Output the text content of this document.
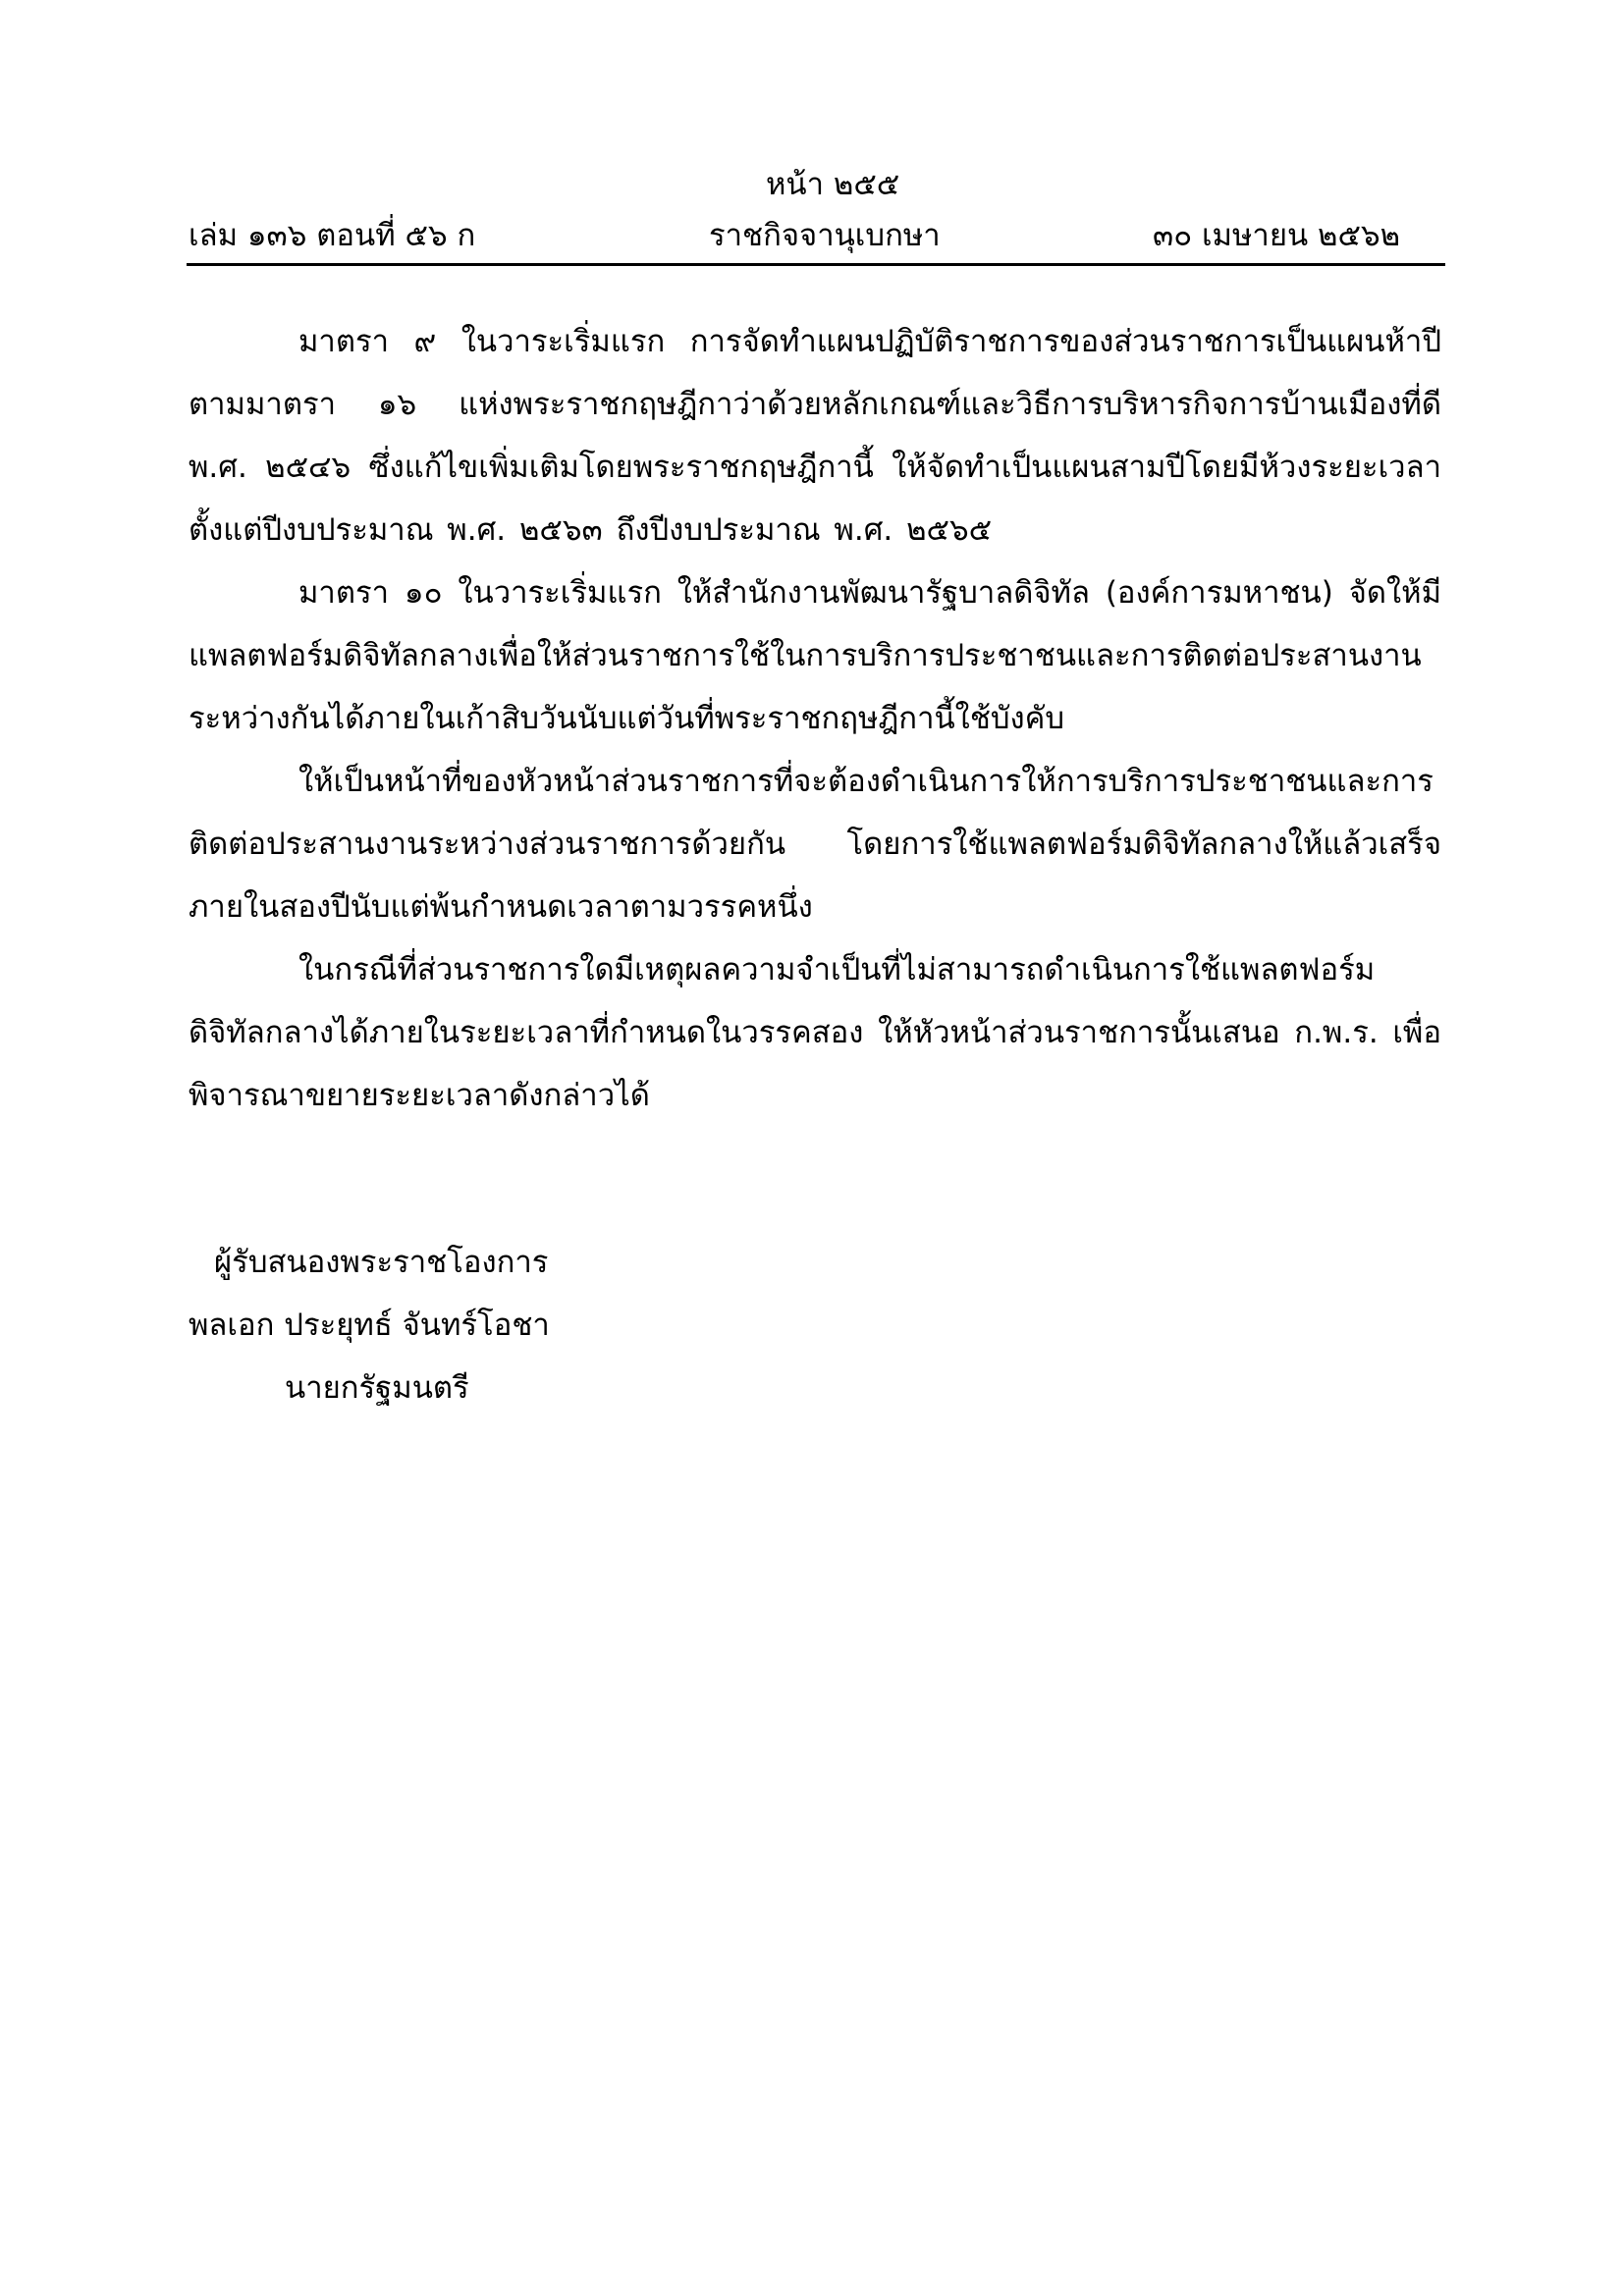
หน้า ๒๕๕
เล่ม ๑๓๖ ตอนที่ ๕๖ ก	ราชกิจจานุเบกษา	๓๐ เมษายน ๒๕๖๒

มาตรา ๙ ในวาระเริ่มแรก การจัดทำแผนปฏิบัติราชการของส่วนราชการเป็นแผนห้าปี ตามมาตรา ๑๖ แห่งพระราชกฤษฎีกาว่าด้วยหลักเกณฑ์และวิธีการบริหารกิจการบ้านเมืองที่ดี พ.ศ. ๒๕๔๖ ซึ่งแก้ไขเพิ่มเติมโดยพระราชกฤษฎีกานี้ ให้จัดทำเป็นแผนสามปีโดยมีห้วงระยะเวลาตั้งแต่ปีงบประมาณ พ.ศ. ๒๕๖๓ ถึงปีงบประมาณ พ.ศ. ๒๕๖๕

มาตรา ๑๐ ในวาระเริ่มแรก ให้สำนักงานพัฒนารัฐบาลดิจิทัล (องค์การมหาชน) จัดให้มีแพลตฟอร์มดิจิทัลกลางเพื่อให้ส่วนราชการใช้ในการบริการประชาชนและการติดต่อประสานงานระหว่างกันได้ภายในเก้าสิบวันนับแต่วันที่พระราชกฤษฎีกานี้ใช้บังคับ

ให้เป็นหน้าที่ของหัวหน้าส่วนราชการที่จะต้องดำเนินการให้การบริการประชาชนและการติดต่อประสานงานระหว่างส่วนราชการด้วยกัน โดยการใช้แพลตฟอร์มดิจิทัลกลางให้แล้วเสร็จภายในสองปีนับแต่พ้นกำหนดเวลาตามวรรคหนึ่ง

ในกรณีที่ส่วนราชการใดมีเหตุผลความจำเป็นที่ไม่สามารถดำเนินการใช้แพลตฟอร์มดิจิทัลกลางได้ภายในระยะเวลาที่กำหนดในวรรคสอง ให้หัวหน้าส่วนราชการนั้นเสนอ ก.พ.ร. เพื่อพิจารณาขยายระยะเวลาดังกล่าวได้

ผู้รับสนองพระราชโองการ
พลเอก ประยุทธ์ จันทร์โอชา
นายกรัฐมนตรี
